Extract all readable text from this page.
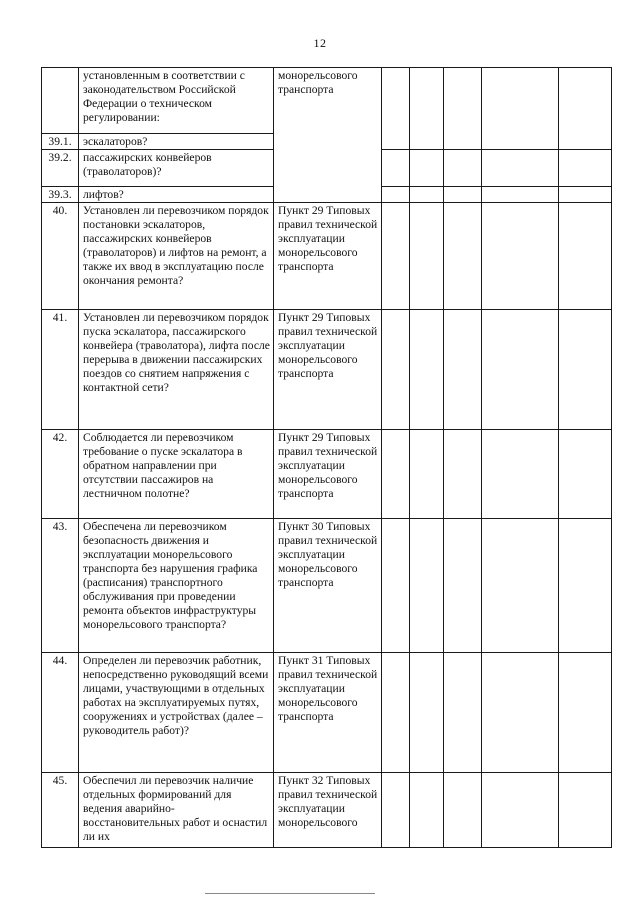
12
	установленным в соответствии с законодательством Российской Федерации о техническом регулировании:	монорельсового транспорта					
39.1.	эскалаторов?						
39.2.	пассажирских конвейеров (траволаторов)?						
39.3.	лифтов?						
40.	Установлен ли перевозчиком порядок постановки эскалаторов, пассажирских конвейеров (траволаторов) и лифтов на ремонт, а также их ввод в эксплуатацию после окончания ремонта?	Пункт 29 Типовых правил технической эксплуатации монорельсового транспорта					
41.	Установлен ли перевозчиком порядок пуска эскалатора, пассажирского конвейера (траволатора), лифта после перерыва в движении пассажирских поездов со снятием напряжения с контактной сети?	Пункт 29 Типовых правил технической эксплуатации монорельсового транспорта					
42.	Соблюдается ли перевозчиком требование о пуске эскалатора в обратном направлении при отсутствии пассажиров на лестничном полотне?	Пункт 29 Типовых правил технической эксплуатации монорельсового транспорта					
43.	Обеспечена ли перевозчиком безопасность движения и эксплуатации монорельсового транспорта без нарушения графика (расписания) транспортного обслуживания при проведении ремонта объектов инфраструктуры монорельсового транспорта?	Пункт 30 Типовых правил технической эксплуатации монорельсового транспорта					
44.	Определен ли перевозчик работник, непосредственно руководящий всеми лицами, участвующими в отдельных работах на эксплуатируемых путях, сооружениях и устройствах (далее – руководитель работ)?	Пункт 31 Типовых правил технической эксплуатации монорельсового транспорта					
45.	Обеспечил ли перевозчик наличие отдельных формирований для ведения аварийно-восстановительных работ и оснастил ли их	Пункт 32 Типовых правил технической эксплуатации монорельсового					
